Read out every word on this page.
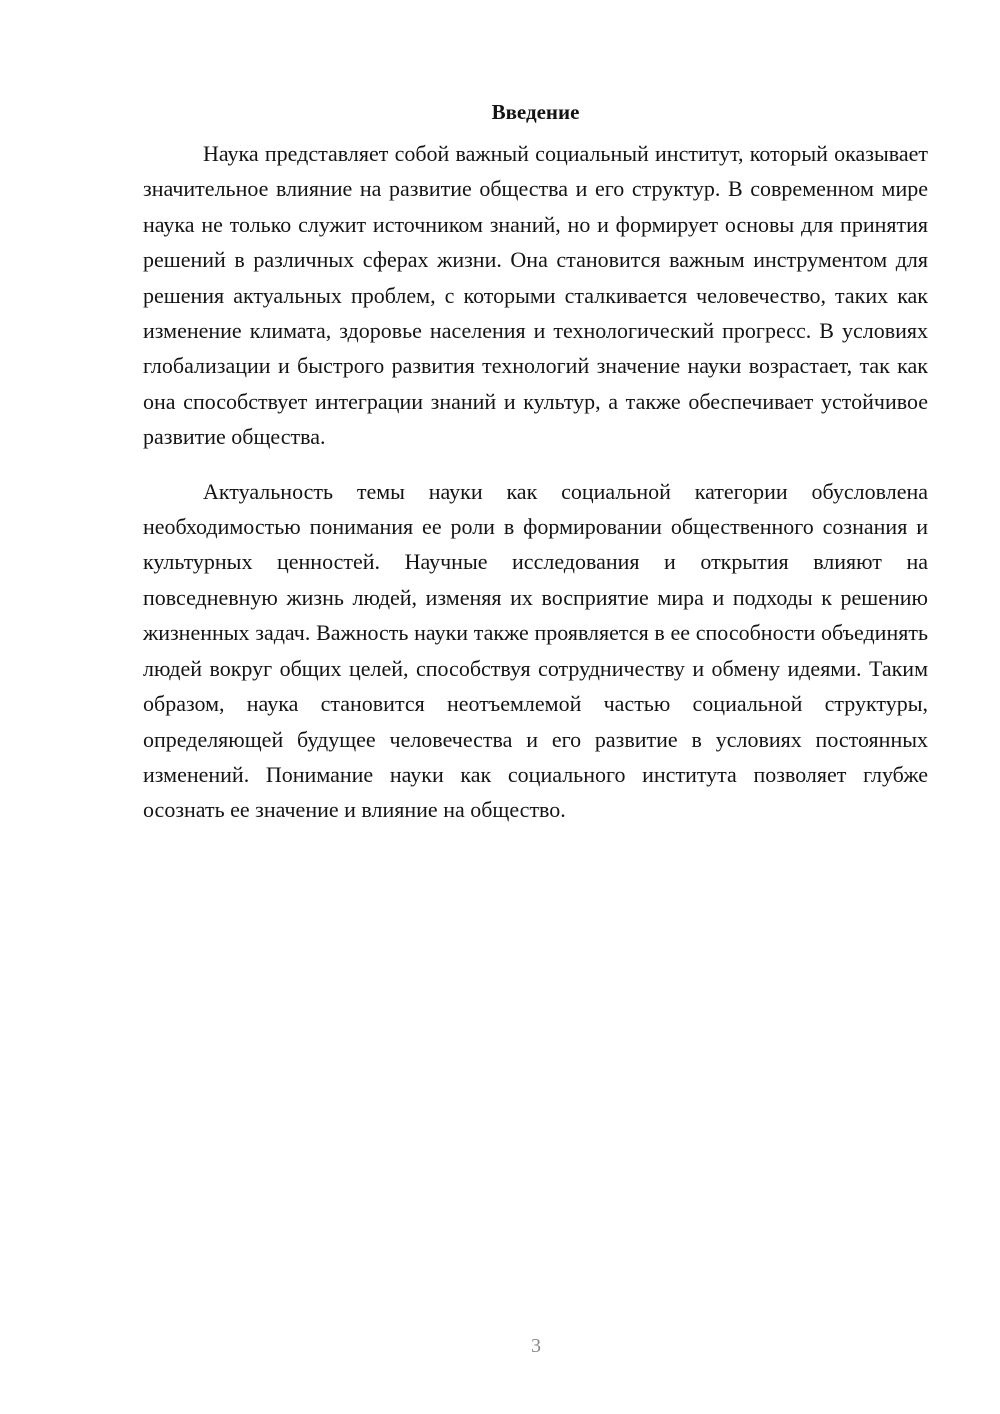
Введение

Наука представляет собой важный социальный институт, который оказывает значительное влияние на развитие общества и его структур. В современном мире наука не только служит источником знаний, но и формирует основы для принятия решений в различных сферах жизни. Она становится важным инструментом для решения актуальных проблем, с которыми сталкивается человечество, таких как изменение климата, здоровье населения и технологический прогресс. В условиях глобализации и быстрого развития технологий значение науки возрастает, так как она способствует интеграции знаний и культур, а также обеспечивает устойчивое развитие общества.

Актуальность темы науки как социальной категории обусловлена необходимостью понимания ее роли в формировании общественного сознания и культурных ценностей. Научные исследования и открытия влияют на повседневную жизнь людей, изменяя их восприятие мира и подходы к решению жизненных задач. Важность науки также проявляется в ее способности объединять людей вокруг общих целей, способствуя сотрудничеству и обмену идеями. Таким образом, наука становится неотъемлемой частью социальной структуры, определяющей будущее человечества и его развитие в условиях постоянных изменений. Понимание науки как социального института позволяет глубже осознать ее значение и влияние на общество.

3
